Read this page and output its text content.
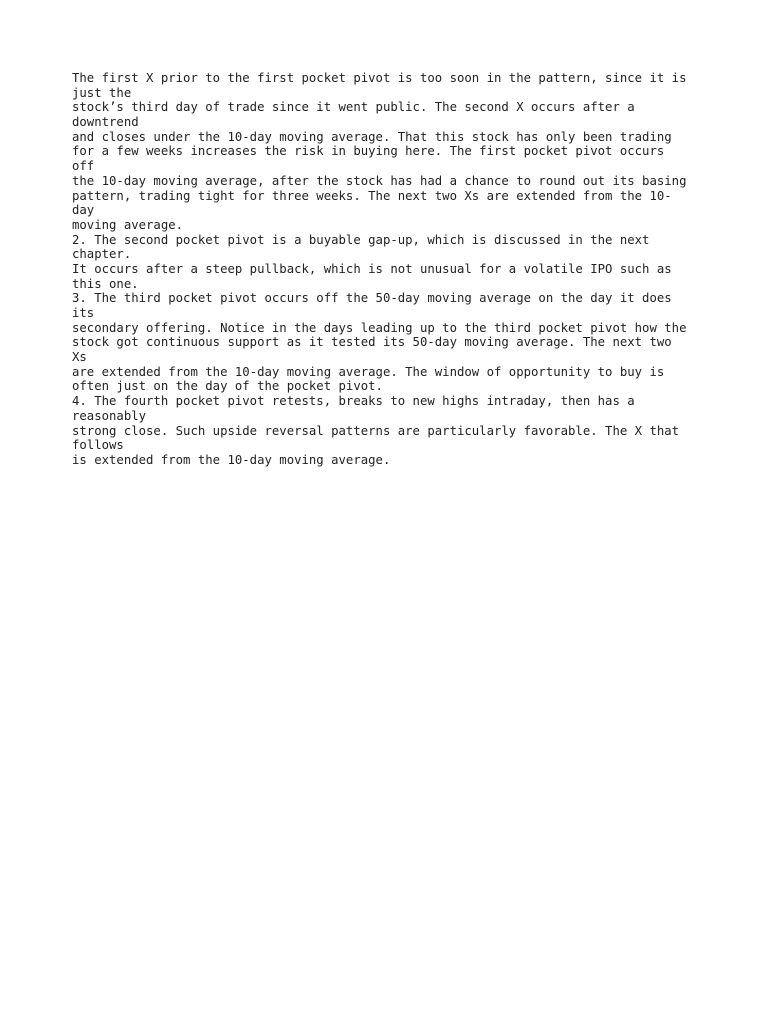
The first X prior to the first pocket pivot is too soon in the pattern, since it is
just the
stock’s third day of trade since it went public. The second X occurs after a
downtrend
and closes under the 10-day moving average. That this stock has only been trading
for a few weeks increases the risk in buying here. The first pocket pivot occurs
off
the 10-day moving average, after the stock has had a chance to round out its basing
pattern, trading tight for three weeks. The next two Xs are extended from the 10-
day
moving average.
2. The second pocket pivot is a buyable gap-up, which is discussed in the next
chapter.
It occurs after a steep pullback, which is not unusual for a volatile IPO such as
this one.
3. The third pocket pivot occurs off the 50-day moving average on the day it does
its
secondary offering. Notice in the days leading up to the third pocket pivot how the
stock got continuous support as it tested its 50-day moving average. The next two
Xs
are extended from the 10-day moving average. The window of opportunity to buy is
often just on the day of the pocket pivot.
4. The fourth pocket pivot retests, breaks to new highs intraday, then has a
reasonably
strong close. Such upside reversal patterns are particularly favorable. The X that
follows
is extended from the 10-day moving average.
